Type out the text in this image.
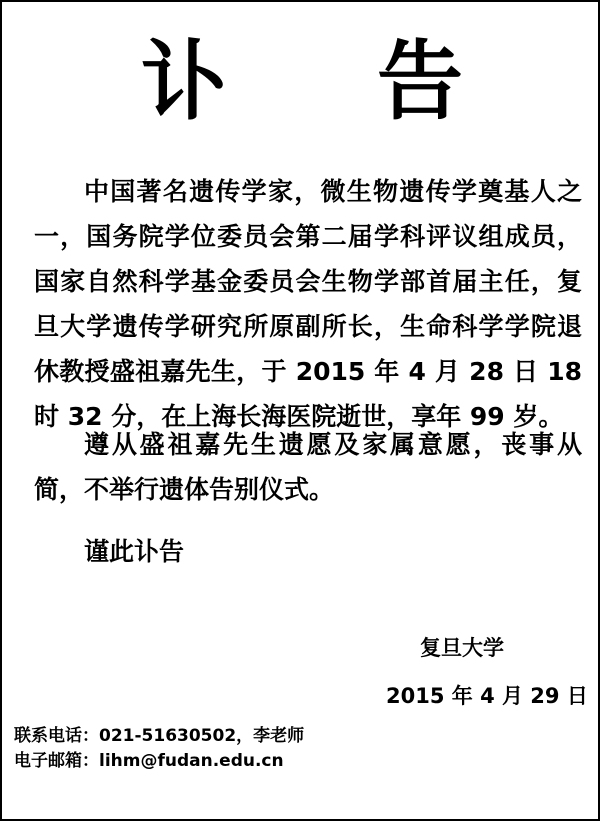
讣 告

中国著名遗传学家，微生物遗传学奠基人之一，国务院学位委员会第二届学科评议组成员，国家自然科学基金委员会生物学部首届主任，复旦大学遗传学研究所原副所长，生命科学学院退休教授盛祖嘉先生，于 2015 年 4 月 28 日 18 时 32 分，在上海长海医院逝世，享年 99 岁。

遵从盛祖嘉先生遗愿及家属意愿，丧事从简，不举行遗体告别仪式。

谨此讣告
复旦大学
2015 年 4 月 29 日
联系电话：021-51630502，李老师
电子邮箱：lihm@fudan.edu.cn
